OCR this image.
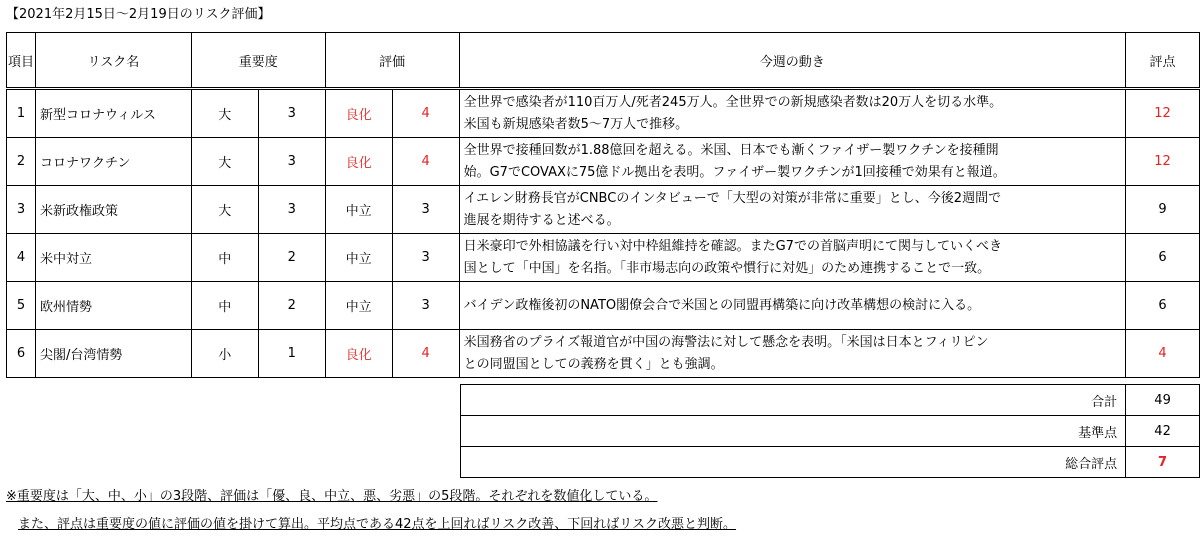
【2021年2月15日～2月19日のリスク評価】
項目	リスク名	重要度		評価		今週の動き	評点
1	新型コロナウィルス	大	3	良化	4	全世界で感染者が110百万人/死者245万人。全世界での新規感染者数は20万人を切る水準。
米国も新規感染者数5～7万人で推移。	12
2	コロナワクチン	大	3	良化	4	全世界で接種回数が1.88億回を超える。米国、日本でも漸くファイザー製ワクチンを接種開
始。G7でCOVAXに75億ドル拠出を表明。ファイザー製ワクチンが1回接種で効果有と報道。	12
3	米新政権政策	大	3	中立	3	イエレン財務長官がCNBCのインタビューで「大型の対策が非常に重要」とし、今後2週間で
進展を期待すると述べる。	9
4	米中対立	中	2	中立	3	日米豪印で外相協議を行い対中枠組維持を確認。またG7での首脳声明にて関与していくべき
国として「中国」を名指。「非市場志向の政策や慣行に対処」のため連携することで一致。	6
5	欧州情勢	中	2	中立	3	バイデン政権後初のNATO閣僚会合で米国との同盟再構築に向け改革構想の検討に入る。	6
6	尖閣/台湾情勢	小	1	良化	4	米国務省のプライズ報道官が中国の海警法に対して懸念を表明。「米国は日本とフィリピン
との同盟国としての義務を貫く」とも強調。	4
合計	49
基準点	42
総合評点	7
※重要度は「大、中、小」の3段階、評価は「優、良、中立、悪、劣悪」の5段階。それぞれを数値化している。
また、評点は重要度の値に評価の値を掛けて算出。平均点である42点を上回ればリスク改善、下回ればリスク改悪と判断。
